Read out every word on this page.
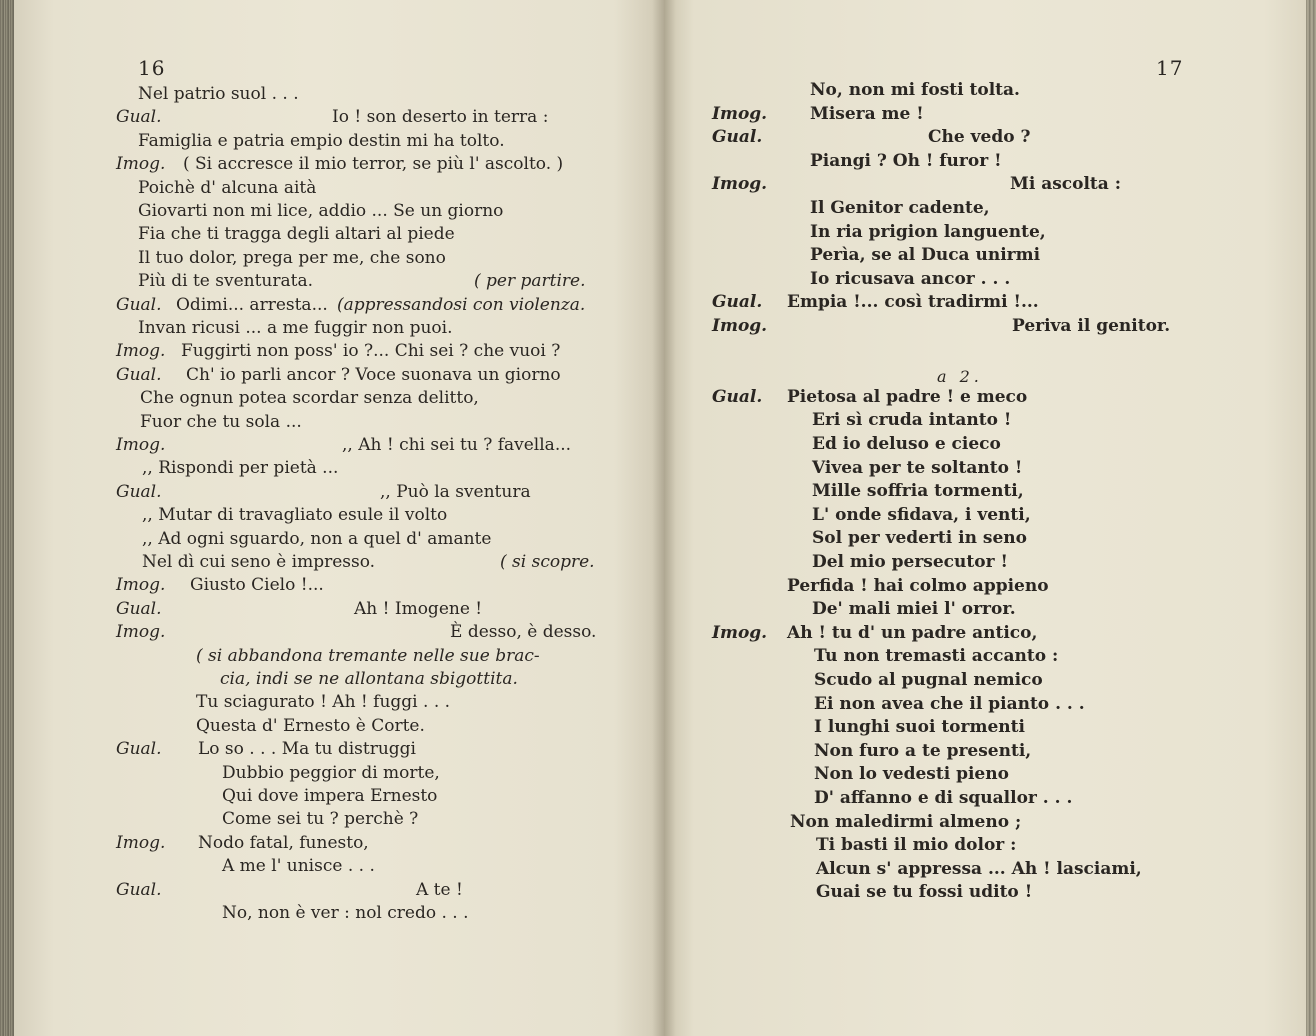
16	17
Nel patrio suol . . .
Gual.	Io ! son deserto in terra :
Famiglia e patria empio destin mi ha tolto.
Imog. ( Si accresce il mio terror, se più l' ascolto. )
Poichè d' alcuna aità
Giovarti non mi lice, addio ... Se un giorno
Fia che ti tragga degli altari al piede
Il tuo dolor, prega per me, che sono
Più di te sventurata.	( per partire.
Gual. Odimi... arresta... (appressandosi con violenza.
Invan ricusi ... a me fuggir non puoi.
Imog. Fuggirti non poss' io ?... Chi sei ? che vuoi ?
Gual. Ch' io parli ancor ? Voce suonava un giorno
Che ognun potea scordar senza delitto,
Fuor che tu sola ...
Imog.	,, Ah ! chi sei tu ? favella...
,, Rispondi per pietà ...
Gual.	,, Può la sventura
,, Mutar di travagliato esule il volto
,, Ad ogni sguardo, non a quel d' amante
Nel dì cui seno è impresso.	( si scopre.
Imog. Giusto Cielo !...
Gual.	Ah ! Imogene !
Imog.	È desso, è desso.
( si abbandona tremante nelle sue brac-
cia, indi se ne allontana sbigottita.
Tu sciagurato ! Ah ! fuggi . . .
Questa d' Ernesto è Corte.
Gual. Lo so . . . Ma tu distruggi
Dubbio peggior di morte,
Qui dove impera Ernesto
Come sei tu ? perchè ?
Imog. Nodo fatal, funesto,
A me l' unisce . . .
Gual.	A te !
No, non è ver : nol credo . . .
No, non mi fosti tolta.
Imog.	Misera me !
Gual.	Che vedo ?
Piangi ? Oh ! furor !
Imog.	Mi ascolta :
Il Genitor cadente,
In ria prigion languente,
Perìa, se al Duca unirmi
Io ricusava ancor . . .
Gual. Empia !... così tradirmi !...
Imog.	Periva il genitor.
Gual. Pietosa al padre ! e meco
Eri sì cruda intanto !
Ed io deluso e cieco
Vivea per te soltanto !
Mille soffria tormenti,
L' onde sfidava, i venti,
Sol per vederti in seno
Del mio persecutor !
Perfida ! hai colmo appieno
De' mali miei l' orror.
Imog. Ah ! tu d' un padre antico,
Tu non tremasti accanto :
Scudo al pugnal nemico
Ei non avea che il pianto . . .
I lunghi suoi tormenti
Non furo a te presenti,
Non lo vedesti pieno
D' affanno e di squallor . . .
Non maledirmi almeno ;
Ti basti il mio dolor :
Alcun s' appressa ... Ah ! lasciami,
Guai se tu fossi udito !
a 2.
